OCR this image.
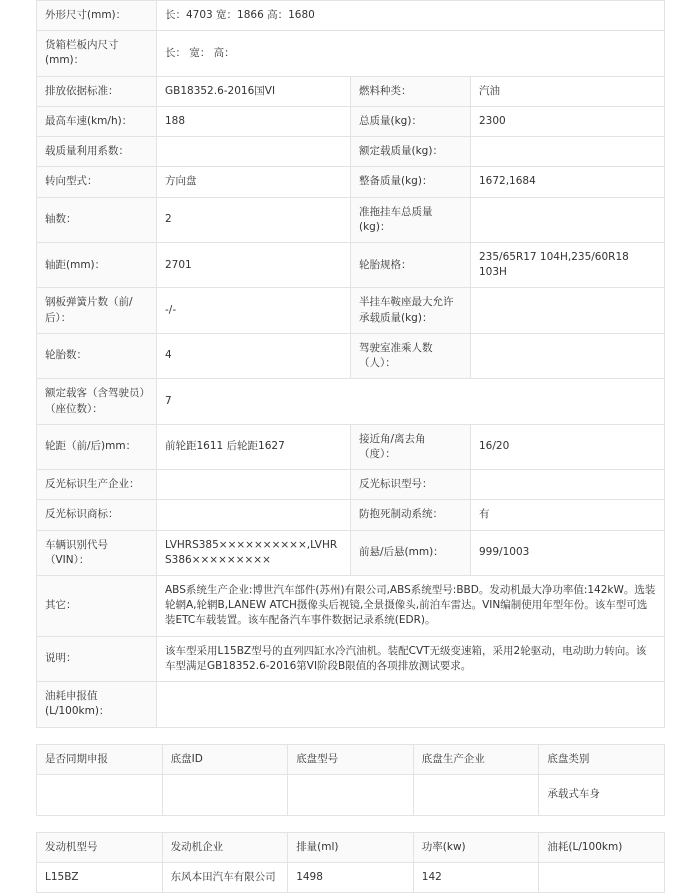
外形尺寸(mm)：	长：4703 宽：1866 高：1680		
货箱栏板内尺寸(mm)：	长： 宽： 高：		
排放依据标准：	GB18352.6-2016国VI	燃料种类：	汽油
最高车速(km/h)：	188	总质量(kg)：	2300
载质量利用系数：		额定载质量(kg)：	
转向型式：	方向盘	整备质量(kg)：	1672,1684
轴数：	2	准拖挂车总质量(kg)：	
轴距(mm)：	2701	轮胎规格：	235/65R17 104H,235/60R18 103H
钢板弹簧片数（前/后）：	-/-	半挂车鞍座最大允许承载质量(kg)：	
轮胎数：	4	驾驶室准乘人数（人）：	
额定载客（含驾驶员）（座位数）：	7		
轮距（前/后)mm：	前轮距1611 后轮距1627	接近角/离去角（度）：	16/20
反光标识生产企业：		反光标识型号：	
反光标识商标：		防抱死制动系统：	有
车辆识别代号（VIN）：	LVHRS385××××××××××,LVHRS386×××××××××	前悬/后悬(mm)：	999/1003
其它：	ABS系统生产企业:博世汽车部件(苏州)有限公司,ABS系统型号:BBD。发动机最大净功率值:142kW。选装轮辋A,轮辋B,LANEW ATCH摄像头后视镜,全景摄像头,前泊车雷达。VIN编制使用年型年份。该车型可选装ETC车载装置。该车配备汽车事件数据记录系统(EDR)。		
说明：	该车型采用L15BZ型号的直列四缸水冷汽油机。装配CVT无级变速箱，采用2轮驱动，电动助力转向。该车型满足GB18352.6-2016第VI阶段B限值的各项排放测试要求。		
油耗申报值(L/100km)：			
是否同期申报	底盘ID	底盘型号	底盘生产企业	底盘类别
				承载式车身
发动机型号	发动机企业	排量(ml)	功率(kw)	油耗(L/100km)
L15BZ	东风本田汽车有限公司	1498	142	
